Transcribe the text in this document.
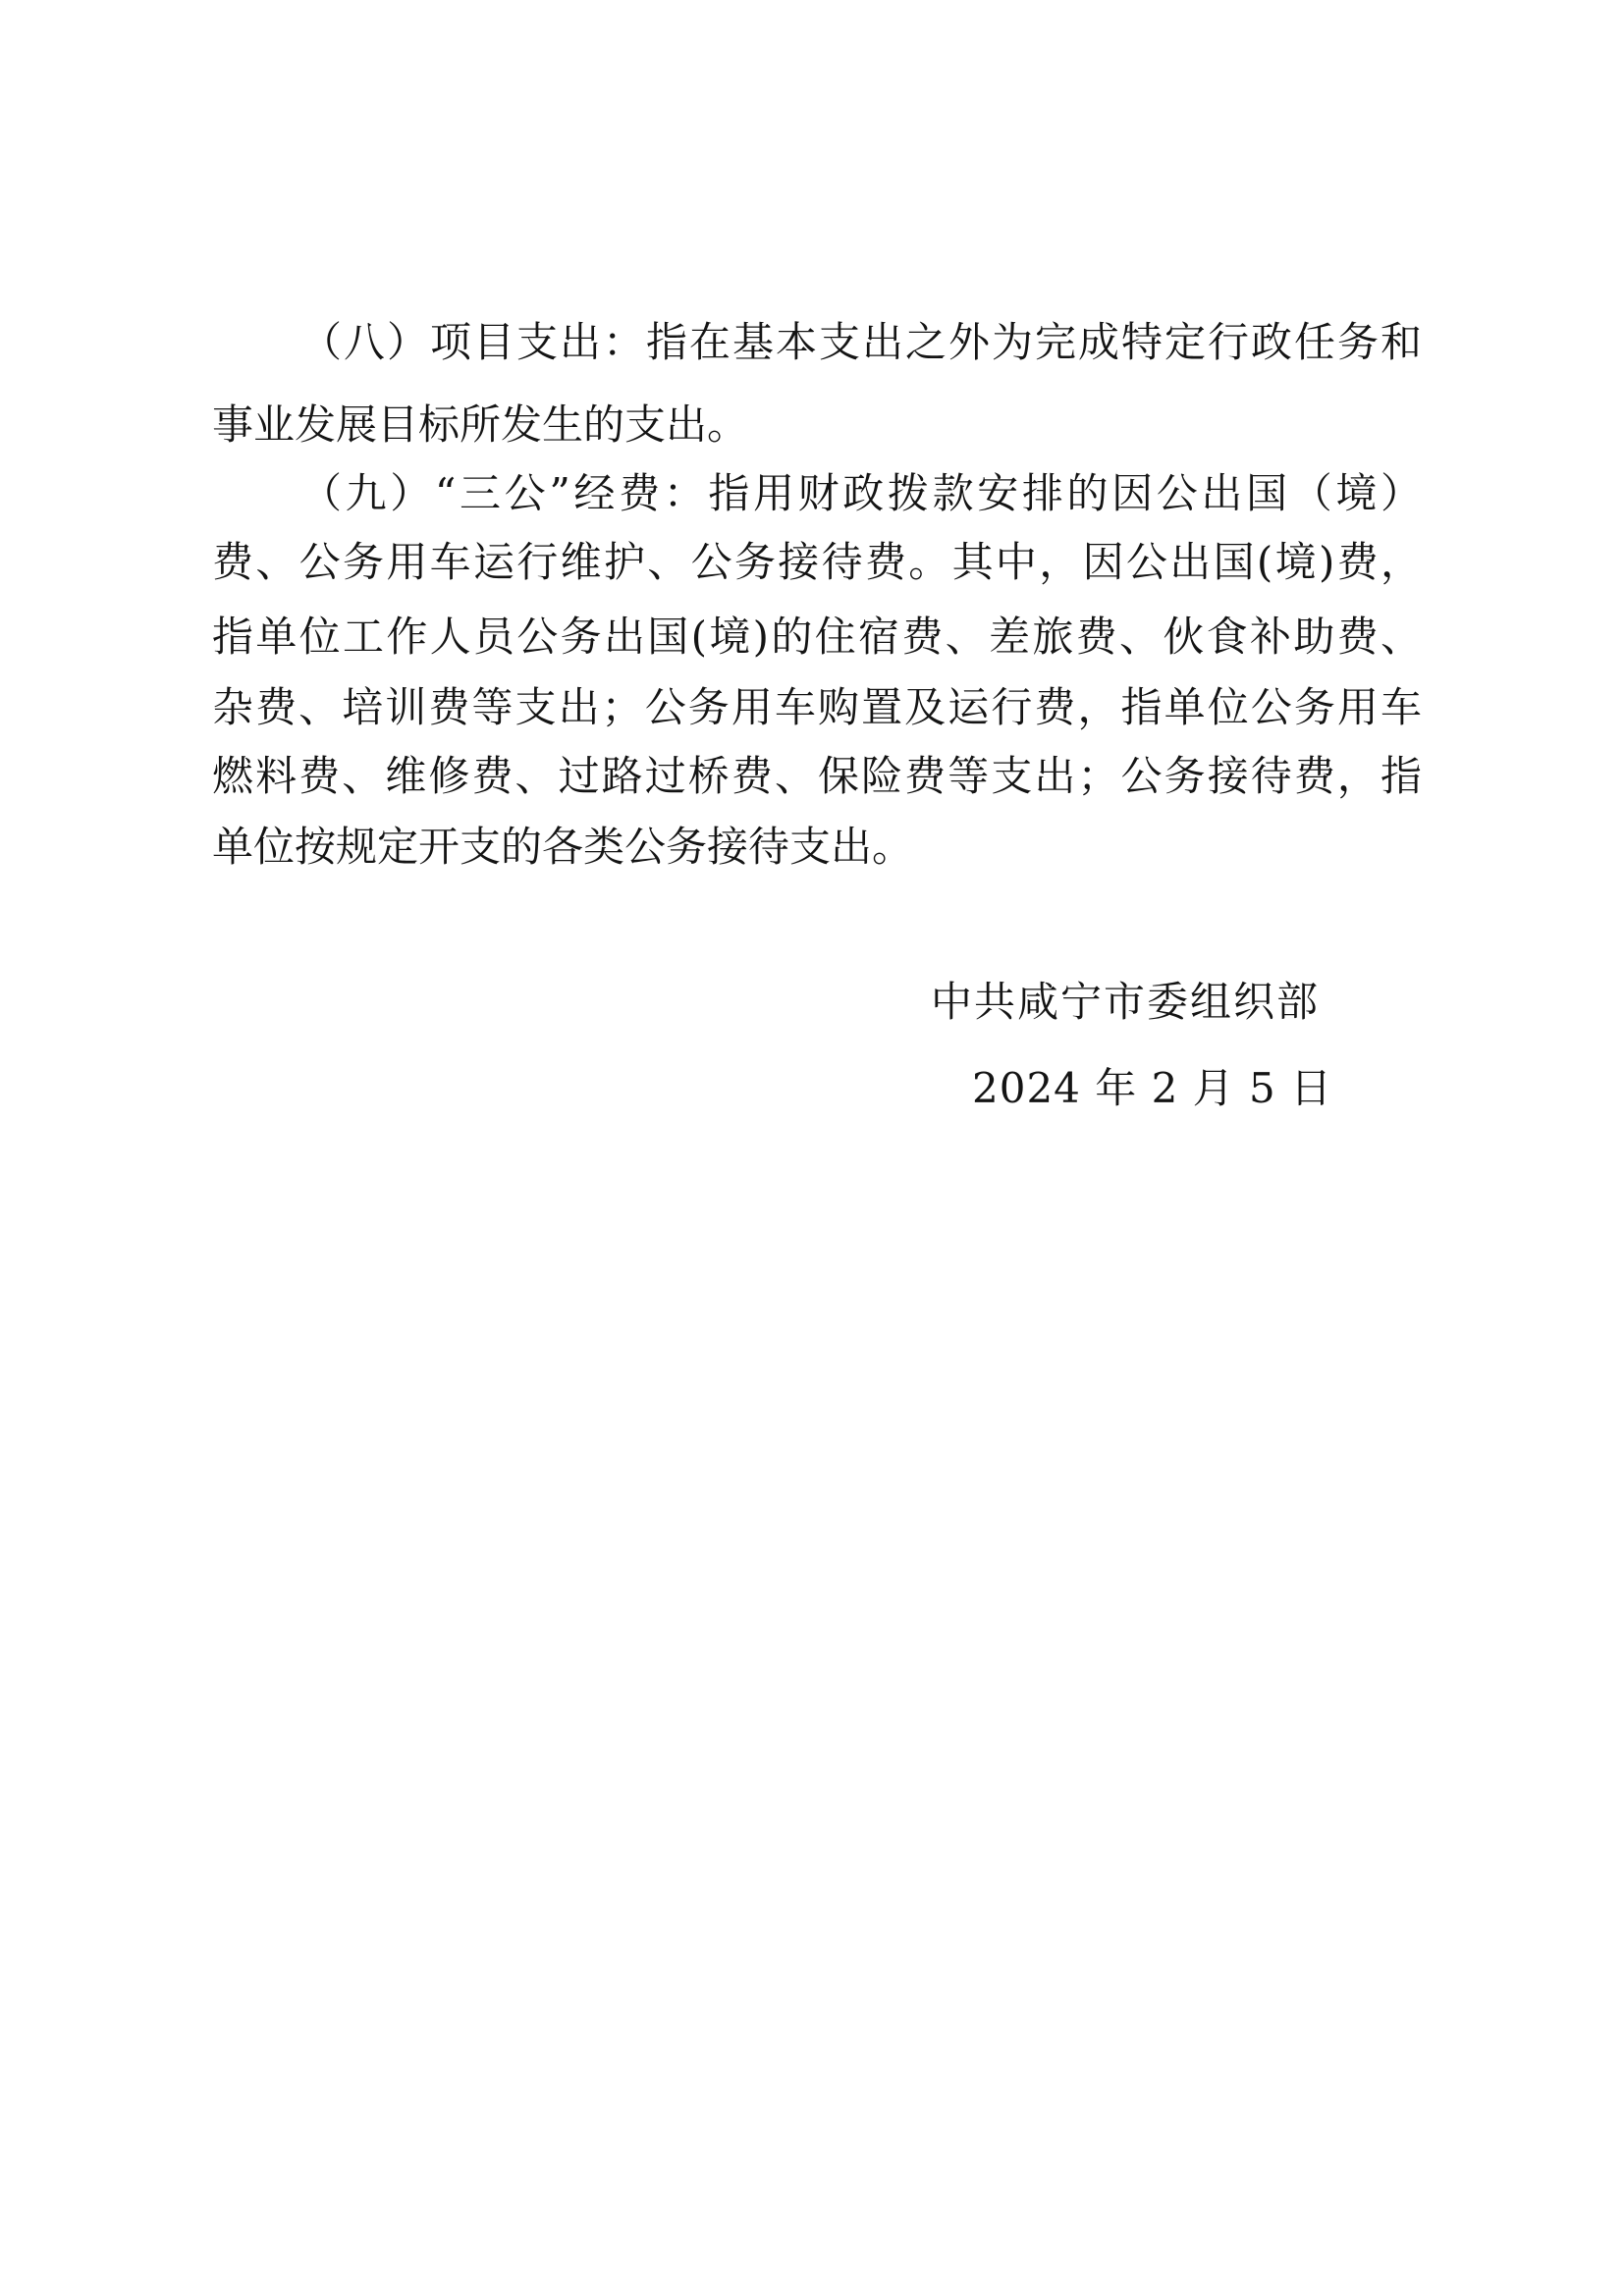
（八）项目支出：指在基本支出之外为完成特定行政任务和
事业发展目标所发生的支出。
（九）“三公”经费：指用财政拨款安排的因公出国（境）
费、公务用车运行维护、公务接待费。其中，因公出国(境)费，
指单位工作人员公务出国(境)的住宿费、差旅费、伙食补助费、
杂费、培训费等支出；公务用车购置及运行费，指单位公务用车
燃料费、维修费、过路过桥费、保险费等支出；公务接待费，指
单位按规定开支的各类公务接待支出。
中共咸宁市委组织部
2024 年 2 月 5 日
